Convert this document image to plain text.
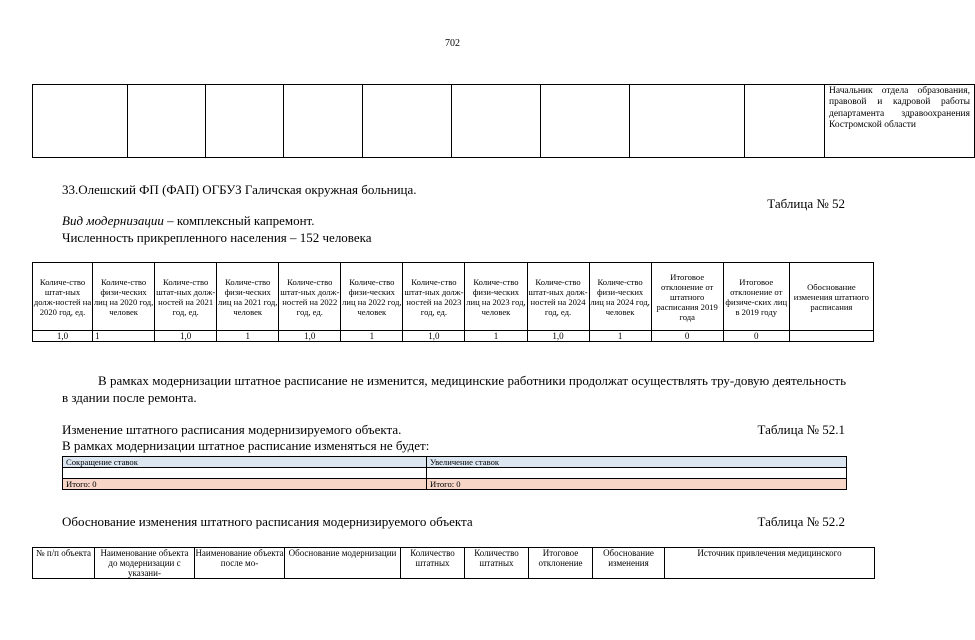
702
									Начальник отдела образования, правовой и кадровой работы департамента здравоохранения Костромской области
33.Олешский ФП (ФАП) ОГБУЗ Галичская окружная больница.
Таблица № 52
Вид модернизации – комплексный капремонт.
Численность прикрепленного населения – 152 человека
Количе-ство штат-ных долж-ностей на 2020 год, ед.	Количе-ство физи-ческих лиц на 2020 год, человек	Количе-ство штат-ных долж-ностей на 2021 год, ед.	Количе-ство физи-ческих лиц на 2021 год, человек	Количе-ство штат-ных долж-ностей на 2022 год, ед.	Количе-ство физи-ческих лиц на 2022 год, человек	Количе-ство штат-ных долж-ностей на 2023 год, ед.	Количе-ство физи-ческих лиц на 2023 год, человек	Количе-ство штат-ных долж-ностей на 2024 год, ед.	Количе-ство физи-ческих лиц на 2024 год, человек	Итоговое отклонение от штатного расписания 2019 года	Итоговое отклонение от физиче-ских лиц в 2019 году	Обоснование изменения штатного расписания
1,0	1	1,0	1	1,0	1	1,0	1	1,0	1	0	0	
В рамках модернизации штатное расписание не изменится, медицинские работники продолжат осуществлять тру-довую деятельность в здании после ремонта.
Изменение штатного расписания модернизируемого объекта.	Таблица № 52.1
В рамках модернизации штатное расписание изменяться не будет:
Сокращение ставок	Увеличение ставок

Итого: 0	Итого: 0
Обоснование изменения штатного расписания модернизируемого объекта	Таблица № 52.2
№ п/п объекта	Наименование объекта до модернизации с указани-	Наименование объекта после мо-	Обоснование модернизации	Количество штатных	Количество штатных	Итоговое отклонение	Обоснование изменения	Источник привлечения медицинского
